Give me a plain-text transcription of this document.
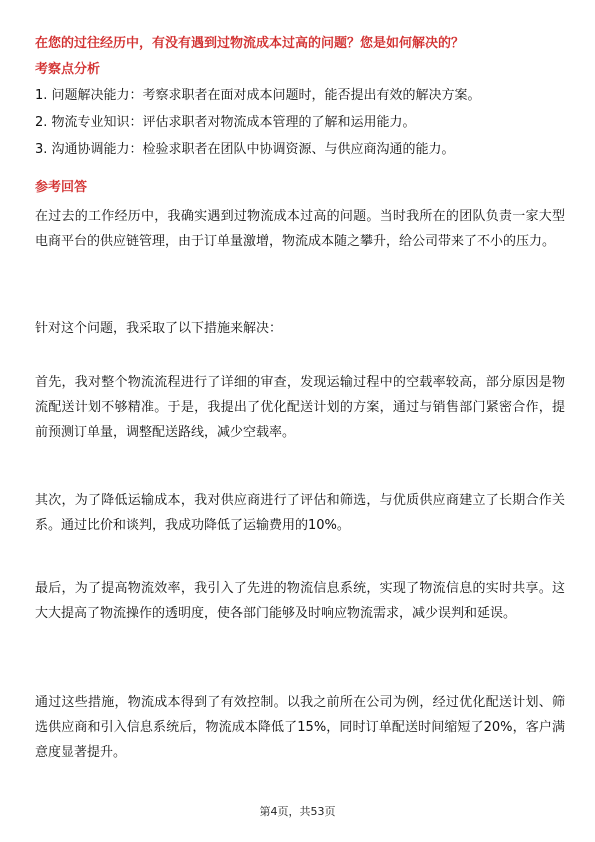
在您的过往经历中，有没有遇到过物流成本过高的问题？您是如何解决的？
考察点分析
1. 问题解决能力：考察求职者在面对成本问题时，能否提出有效的解决方案。
2. 物流专业知识：评估求职者对物流成本管理的了解和运用能力。
3. 沟通协调能力：检验求职者在团队中协调资源、与供应商沟通的能力。
参考回答

在过去的工作经历中，我确实遇到过物流成本过高的问题。当时我所在的团队负责一家大型电商平台的供应链管理，由于订单量激增，物流成本随之攀升，给公司带来了不小的压力。

针对这个问题，我采取了以下措施来解决：

首先，我对整个物流流程进行了详细的审查，发现运输过程中的空载率较高，部分原因是物流配送计划不够精准。于是，我提出了优化配送计划的方案，通过与销售部门紧密合作，提前预测订单量，调整配送路线，减少空载率。

其次，为了降低运输成本，我对供应商进行了评估和筛选，与优质供应商建立了长期合作关系。通过比价和谈判，我成功降低了运输费用的10%。

最后，为了提高物流效率，我引入了先进的物流信息系统，实现了物流信息的实时共享。这大大提高了物流操作的透明度，使各部门能够及时响应物流需求，减少误判和延误。

通过这些措施，物流成本得到了有效控制。以我之前所在公司为例，经过优化配送计划、筛选供应商和引入信息系统后，物流成本降低了15%，同时订单配送时间缩短了20%，客户满意度显著提升。

第4页，共53页
